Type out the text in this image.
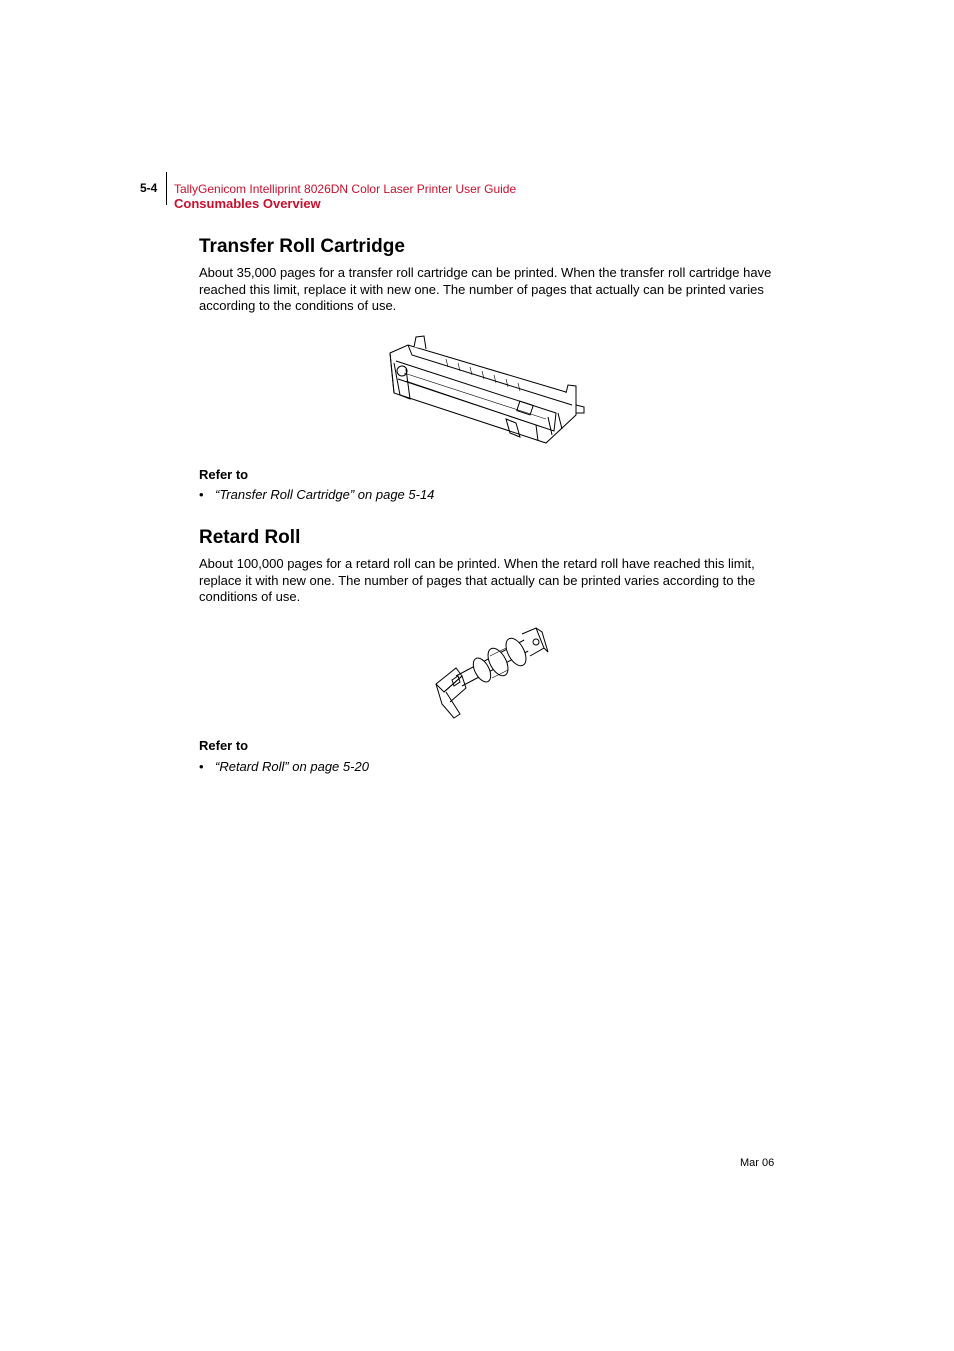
5-4 TallyGenicom Intelliprint 8026DN Color Laser Printer User Guide
Consumables Overview
Transfer Roll Cartridge

About 35,000 pages for a transfer roll cartridge can be printed. When the transfer roll cartridge have reached this limit, replace it with new one. The number of pages that actually can be printed varies according to the conditions of use.

Refer to
• “Transfer Roll Cartridge” on page 5-14
Retard Roll

About 100,000 pages for a retard roll can be printed. When the retard roll have reached this limit, replace it with new one. The number of pages that actually can be printed varies according to the conditions of use.

Refer to
• “Retard Roll” on page 5-20
Mar 06
